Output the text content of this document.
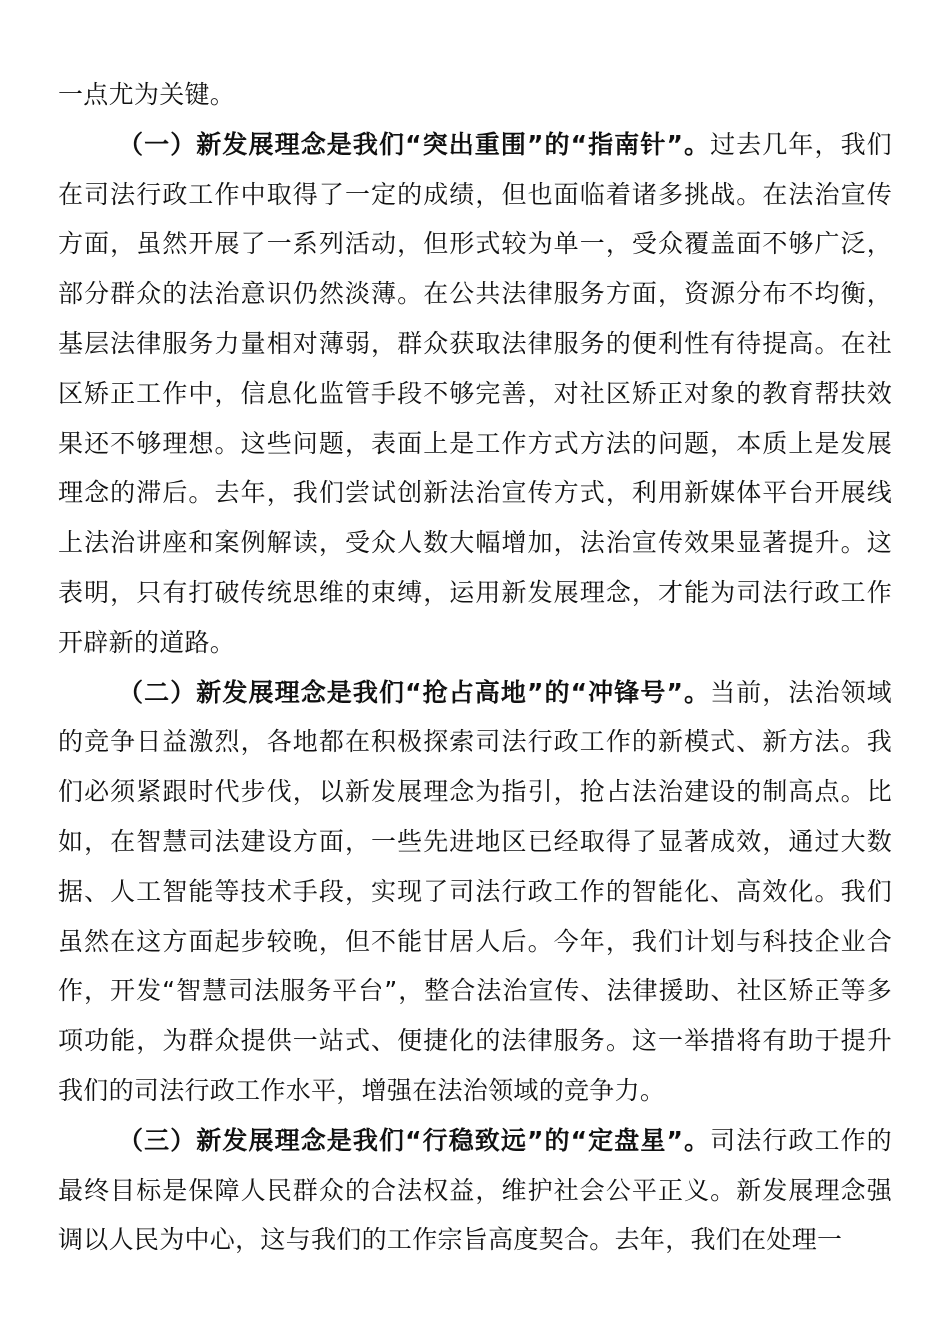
一点尤为关键。

（一）新发展理念是我们“突出重围”的“指南针”。过去几年，我们在司法行政工作中取得了一定的成绩，但也面临着诸多挑战。在法治宣传方面，虽然开展了一系列活动，但形式较为单一，受众覆盖面不够广泛，部分群众的法治意识仍然淡薄。在公共法律服务方面，资源分布不均衡，基层法律服务力量相对薄弱，群众获取法律服务的便利性有待提高。在社区矫正工作中，信息化监管手段不够完善，对社区矫正对象的教育帮扶效果还不够理想。这些问题，表面上是工作方式方法的问题，本质上是发展理念的滞后。去年，我们尝试创新法治宣传方式，利用新媒体平台开展线上法治讲座和案例解读，受众人数大幅增加，法治宣传效果显著提升。这表明，只有打破传统思维的束缚，运用新发展理念，才能为司法行政工作开辟新的道路。

（二）新发展理念是我们“抢占高地”的“冲锋号”。当前，法治领域的竞争日益激烈，各地都在积极探索司法行政工作的新模式、新方法。我们必须紧跟时代步伐，以新发展理念为指引，抢占法治建设的制高点。比如，在智慧司法建设方面，一些先进地区已经取得了显著成效，通过大数据、人工智能等技术手段，实现了司法行政工作的智能化、高效化。我们虽然在这方面起步较晚，但不能甘居人后。今年，我们计划与科技企业合作，开发“智慧司法服务平台”，整合法治宣传、法律援助、社区矫正等多项功能，为群众提供一站式、便捷化的法律服务。这一举措将有助于提升我们的司法行政工作水平，增强在法治领域的竞争力。

（三）新发展理念是我们“行稳致远”的“定盘星”。司法行政工作的最终目标是保障人民群众的合法权益，维护社会公平正义。新发展理念强调以人民为中心，这与我们的工作宗旨高度契合。去年，我们在处理一
